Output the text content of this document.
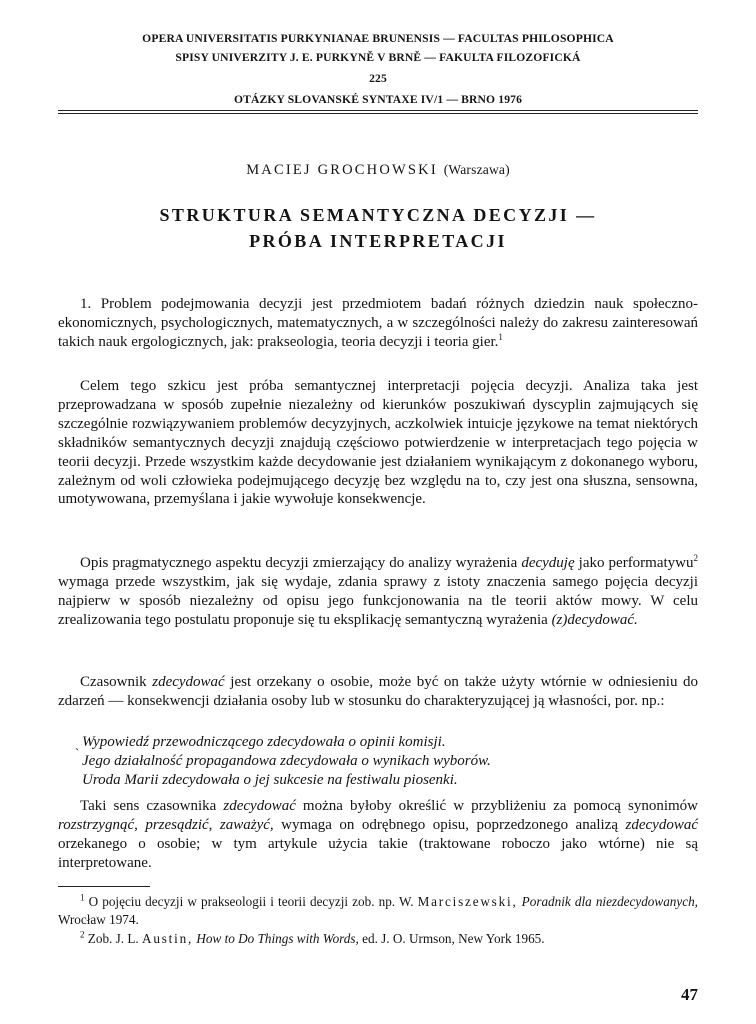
OPERA UNIVERSITATIS PURKYNIANAE BRUNENSIS — FACULTAS PHILOSOPHICA
SPISY UNIVERZITY J. E. PURKYNĚ V BRNĚ — FAKULTA FILOZOFICKÁ
225
OTÁZKY SLOVANSKÉ SYNTAXE IV/1 — BRNO 1976
MACIEJ GROCHOWSKI (Warszawa)
STRUKTURA SEMANTYCZNA DECYZJI —
PRÓBA INTERPRETACJI

1. Problem podejmowania decyzji jest przedmiotem badań różnych dziedzin nauk społeczno-ekonomicznych, psychologicznych, matematycznych, a w szczególności należy do zakresu zainteresowań takich nauk ergologicznych, jak: prakseologia, teoria decyzji i teoria gier.$^1$

Celem tego szkicu jest próba semantycznej interpretacji pojęcia decyzji. Analiza taka jest przeprowadzana w sposób zupełnie niezależny od kierunków poszukiwań dyscyplin zajmujących się szczególnie rozwiązywaniem problemów decyzyjnych, aczkolwiek intuicje językowe na temat niektórych składników semantycznych decyzji znajdują częściowo potwierdzenie w interpretacjach tego pojęcia w teorii decyzji. Przede wszystkim każde decydowanie jest działaniem wynikającym z dokonanego wyboru, zależnym od woli człowieka podejmującego decyzję bez względu na to, czy jest ona słuszna, sensowna, umotywowana, przemyślana i jakie wywołuje konsekwencje.

Opis pragmatycznego aspektu decyzji zmierzający do analizy wyrażenia decyduję jako performatywu$^2$ wymaga przede wszystkim, jak się wydaje, zdania sprawy z istoty znaczenia samego pojęcia decyzji najpierw w sposób niezależny od opisu jego funkcjonowania na tle teorii aktów mowy. W celu zrealizowania tego postulatu proponuje się tu eksplikację semantyczną wyrażenia (z)decydować.

Czasownik zdecydować jest orzekany o osobie, może być on także użyty wtórnie w odniesieniu do zdarzeń — konsekwencji działania osoby lub w stosunku do charakteryzującej ją własności, por. np.:

ˏ Wypowiedź przewodniczącego zdecydowała o opinii komisji.
Jego działalność propagandowa zdecydowała o wynikach wyborów.
Uroda Marii zdecydowała o jej sukcesie na festiwalu piosenki.

Taki sens czasownika zdecydować można byłoby określić w przybliżeniu za pomocą synonimów rozstrzygnąć, przesądzić, zaważyć, wymaga on odrębnego opisu, poprzedzonego analizą zdecydować orzekanego o osobie; w tym artykule użycia takie (traktowane roboczo jako wtórne) nie są interpretowane.

$^1$ O pojęciu decyzji w prakseologii i teorii decyzji zob. np. W. Marciszewski, Poradnik dla niezdecydowanych, Wrocław 1974.

$^2$ Zob. J. L. Austin, How to Do Things with Words, ed. J. O. Urmson, New York 1965.

47
